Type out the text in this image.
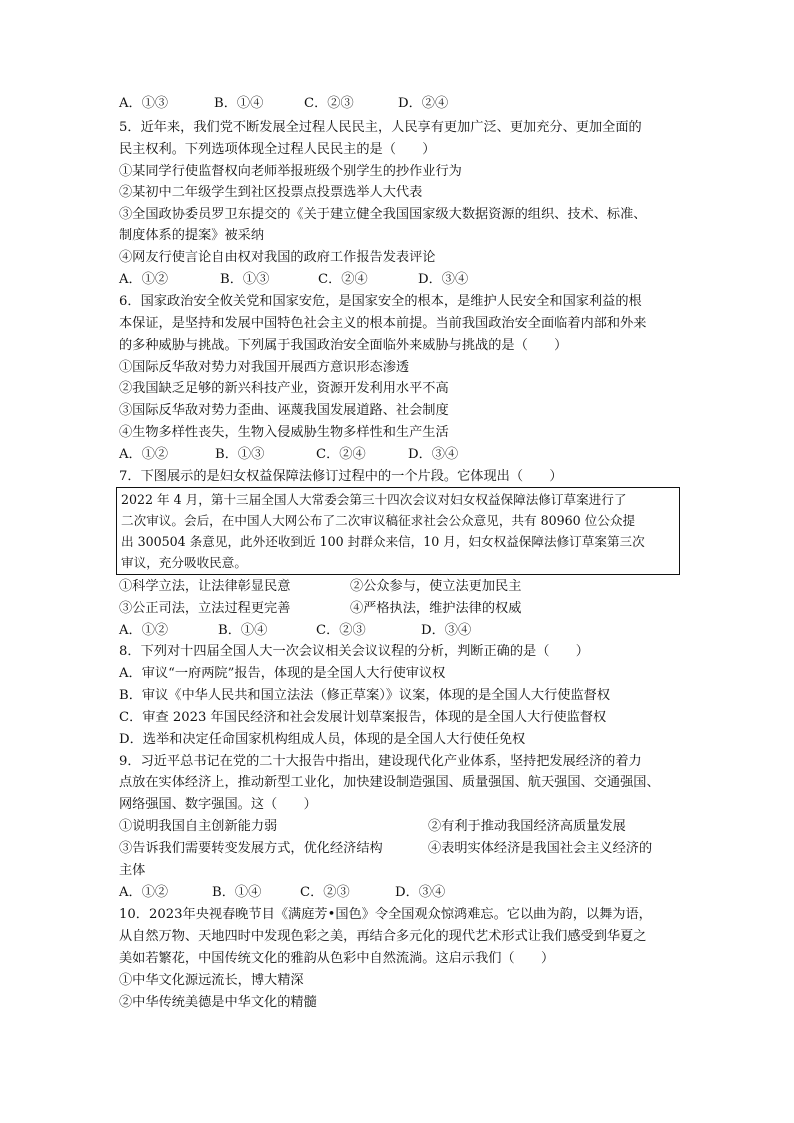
A．①③	B．①④	C．②③	D．②④
5．近年来，我们党不断发展全过程人民民主，人民享有更加广泛、更加充分、更加全面的
民主权利。下列选项体现全过程人民民主的是（　　）
①某同学行使监督权向老师举报班级个别学生的抄作业行为
②某初中二年级学生到社区投票点投票选举人大代表
③全国政协委员罗卫东提交的《关于建立健全我国国家级大数据资源的组织、技术、标准、
制度体系的提案》被采纳
④网友行使言论自由权对我国的政府工作报告发表评论
A．①②	B．①③	C．②④	D．③④
6．国家政治安全攸关党和国家安危，是国家安全的根本，是维护人民安全和国家利益的根
本保证，是坚持和发展中国特色社会主义的根本前提。当前我国政治安全面临着内部和外来
的多种威胁与挑战。下列属于我国政治安全面临外来威胁与挑战的是（　　）
①国际反华敌对势力对我国开展西方意识形态渗透
②我国缺乏足够的新兴科技产业，资源开发利用水平不高
③国际反华敌对势力歪曲、诬蔑我国发展道路、社会制度
④生物多样性丧失，生物入侵威胁生物多样性和生产生活
A．①②	B．①③	C．②④	D．③④
7．下图展示的是妇女权益保障法修订过程中的一个片段。它体现出（　　）
2022 年 4 月，第十三届全国人大常委会第三十四次会议对妇女权益保障法修订草案进行了
二次审议。会后，在中国人大网公布了二次审议稿征求社会公众意见，共有 80960 位公众提
出 300504 条意见，此外还收到近 100 封群众来信，10 月，妇女权益保障法修订草案第三次
审议，充分吸收民意。
①科学立法，让法律彰显民意	②公众参与，使立法更加民主
③公正司法，立法过程更完善	④严格执法，维护法律的权威
A．①②	B．①④	C．②③	D．③④
8．下列对十四届全国人大一次会议相关会议议程的分析，判断正确的是（　　）
A．审议“一府两院”报告，体现的是全国人大行使审议权
B．审议《中华人民共和国立法法（修正草案）》议案，体现的是全国人大行使监督权
C．审查 2023 年国民经济和社会发展计划草案报告，体现的是全国人大行使监督权
D．选举和决定任命国家机构组成人员，体现的是全国人大行使任免权
9．习近平总书记在党的二十大报告中指出，建设现代化产业体系，坚持把发展经济的着力
点放在实体经济上，推动新型工业化，加快建设制造强国、质量强国、航天强国、交通强国、
网络强国、数字强国。这（　　）
①说明我国自主创新能力弱	②有利于推动我国经济高质量发展
③告诉我们需要转变发展方式，优化经济结构	④表明实体经济是我国社会主义经济的
主体
A．①②	B．①④	C．②③	D．③④
10．2023年央视春晚节目《满庭芳•国色》令全国观众惊鸿难忘。它以曲为韵，以舞为语，
从自然万物、天地四时中发现色彩之美，再结合多元化的现代艺术形式让我们感受到华夏之
美如若繁花，中国传统文化的雅韵从色彩中自然流淌。这启示我们（　　）
①中华文化源远流长，博大精深
②中华传统美德是中华文化的精髓
